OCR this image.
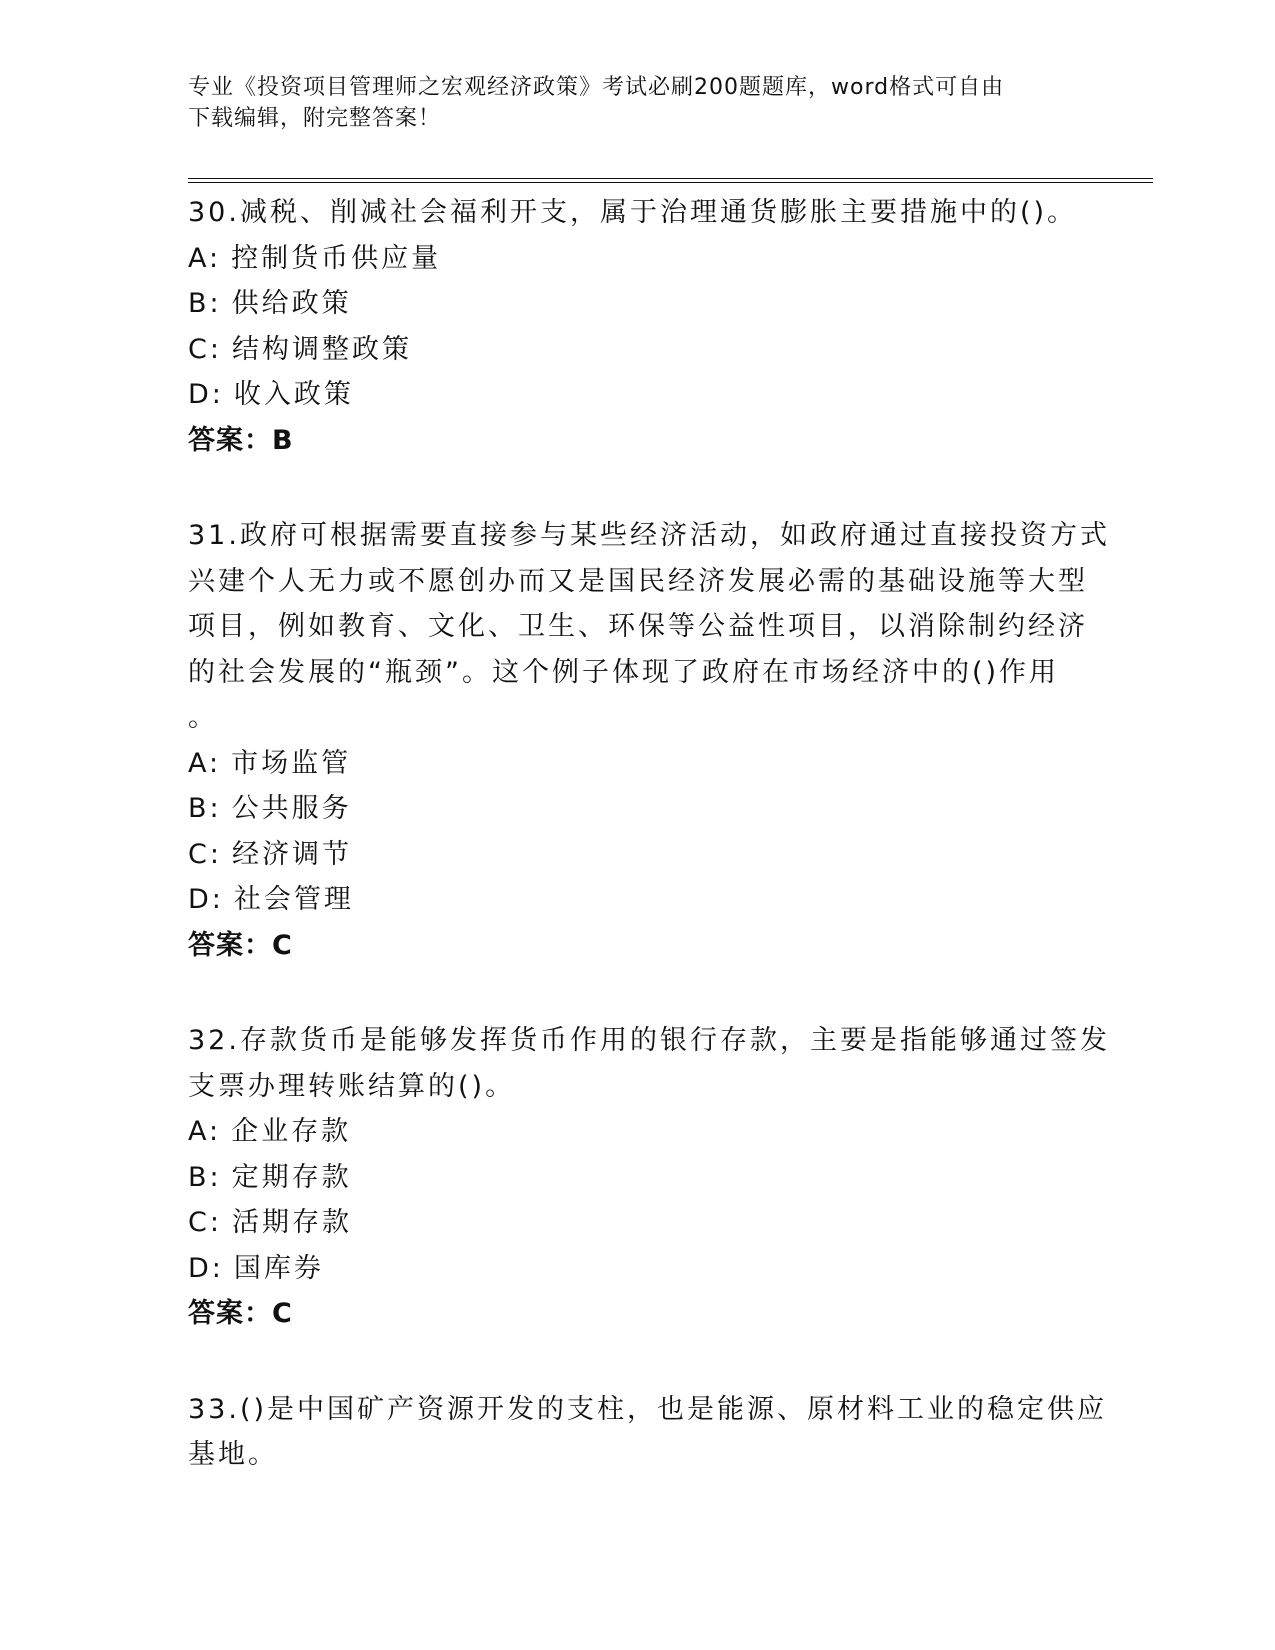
专业《投资项目管理师之宏观经济政策》考试必刷200题题库，word格式可自由
下载编辑，附完整答案！
30.减税、削减社会福利开支，属于治理通货膨胀主要措施中的()。
A: 控制货币供应量
B: 供给政策
C: 结构调整政策
D: 收入政策
答案：B
31.政府可根据需要直接参与某些经济活动，如政府通过直接投资方式
兴建个人无力或不愿创办而又是国民经济发展必需的基础设施等大型
项目，例如教育、文化、卫生、环保等公益性项目，以消除制约经济
的社会发展的“瓶颈”。这个例子体现了政府在市场经济中的()作用
。
A: 市场监管
B: 公共服务
C: 经济调节
D: 社会管理
答案：C
32.存款货币是能够发挥货币作用的银行存款，主要是指能够通过签发
支票办理转账结算的()。
A: 企业存款
B: 定期存款
C: 活期存款
D: 国库券
答案：C
33.()是中国矿产资源开发的支柱，也是能源、原材料工业的稳定供应
基地。
